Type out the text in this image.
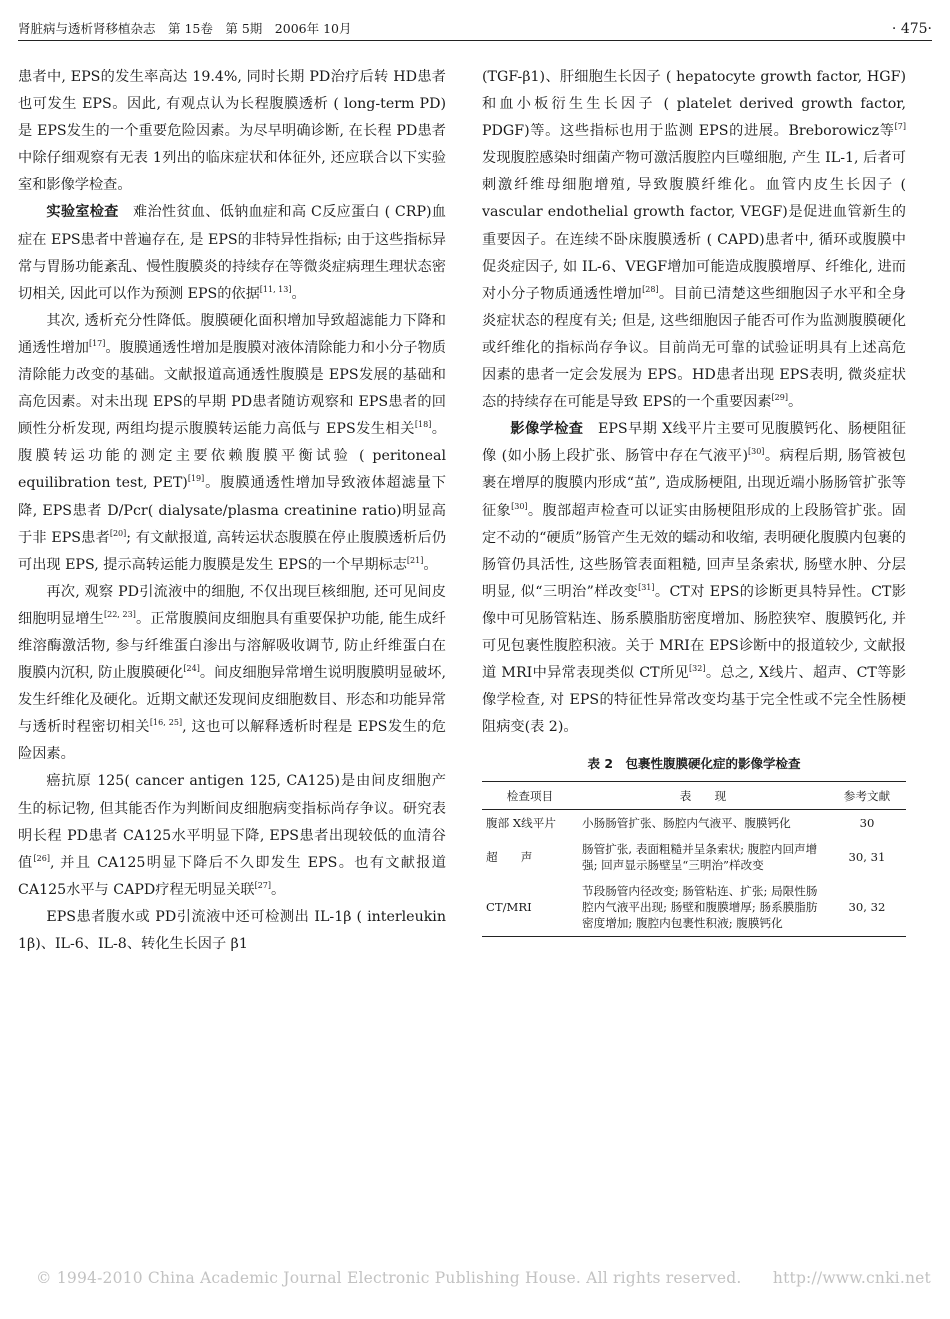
肾脏病与透析肾移植杂志　第 15卷　第 5期　2006年 10月	· 475·

患者中, EPS的发生率高达 19.4%, 同时长期 PD治疗后转 HD患者也可发生 EPS。因此, 有观点认为长程腹膜透析 ( long-term PD)是 EPS发生的一个重要危险因素。为尽早明确诊断, 在长程 PD患者中除仔细观察有无表 1列出的临床症状和体征外, 还应联合以下实验室和影像学检查。

实验室检查　难治性贫血、低钠血症和高 C反应蛋白 ( CRP)血症在 EPS患者中普遍存在, 是 EPS的非特异性指标; 由于这些指标异常与胃肠功能紊乱、慢性腹膜炎的持续存在等微炎症病理生理状态密切相关, 因此可以作为预测 EPS的依据[11, 13]。

其次, 透析充分性降低。腹膜硬化面积增加导致超滤能力下降和通透性增加[17]。腹膜通透性增加是腹膜对液体清除能力和小分子物质清除能力改变的基础。文献报道高通透性腹膜是 EPS发展的基础和高危因素。对未出现 EPS的早期 PD患者随访观察和 EPS患者的回顾性分析发现, 两组均提示腹膜转运能力高低与 EPS发生相关[18]。腹膜转运功能的测定主要依赖腹膜平衡试验 ( peritoneal equilibration test, PET)[19]。腹膜通透性增加导致液体超滤量下降, EPS患者 D/Pcr( dialysate/plasma creatinine ratio)明显高于非 EPS患者[20]; 有文献报道, 高转运状态腹膜在停止腹膜透析后仍可出现 EPS, 提示高转运能力腹膜是发生 EPS的一个早期标志[21]。

再次, 观察 PD引流液中的细胞, 不仅出现巨核细胞, 还可见间皮细胞明显增生[22, 23]。正常腹膜间皮细胞具有重要保护功能, 能生成纤维溶酶激活物, 参与纤维蛋白渗出与溶解吸收调节, 防止纤维蛋白在腹膜内沉积, 防止腹膜硬化[24]。间皮细胞异常增生说明腹膜明显破坏, 发生纤维化及硬化。近期文献还发现间皮细胞数目、形态和功能异常与透析时程密切相关[16, 25], 这也可以解释透析时程是 EPS发生的危险因素。

癌抗原 125( cancer antigen 125, CA125)是由间皮细胞产生的标记物, 但其能否作为判断间皮细胞病变指标尚存争议。研究表明长程 PD患者 CA125水平明显下降, EPS患者出现较低的血清谷值[26], 并且 CA125明显下降后不久即发生 EPS。也有文献报道 CA125水平与 CAPD疗程无明显关联[27]。

EPS患者腹水或 PD引流液中还可检测出 IL-1β ( interleukin 1β)、IL-6、IL-8、转化生长因子 β1

(TGF-β1)、肝细胞生长因子 ( hepatocyte growth factor, HGF)和血小板衍生生长因子 ( platelet derived growth factor, PDGF)等。这些指标也用于监测 EPS的进展。Breborowicz等[7]发现腹腔感染时细菌产物可激活腹腔内巨噬细胞, 产生 IL-1, 后者可刺激纤维母细胞增殖, 导致腹膜纤维化。血管内皮生长因子 ( vascular endothelial growth factor, VEGF)是促进血管新生的重要因子。在连续不卧床腹膜透析 ( CAPD)患者中, 循环或腹膜中促炎症因子, 如 IL-6、VEGF增加可能造成腹膜增厚、纤维化, 进而对小分子物质通透性增加[28]。目前已清楚这些细胞因子水平和全身炎症状态的程度有关; 但是, 这些细胞因子能否可作为监测腹膜硬化或纤维化的指标尚存争议。目前尚无可靠的试验证明具有上述高危因素的患者一定会发展为 EPS。HD患者出现 EPS表明, 微炎症状态的持续存在可能是导致 EPS的一个重要因素[29]。

影像学检查　EPS早期 X线平片主要可见腹膜钙化、肠梗阻征像 (如小肠上段扩张、肠管中存在气液平)[30]。病程后期, 肠管被包裹在增厚的腹膜内形成“茧”, 造成肠梗阻, 出现近端小肠肠管扩张等征象[30]。腹部超声检查可以证实由肠梗阻形成的上段肠管扩张。固定不动的“硬质”肠管产生无效的蠕动和收缩, 表明硬化腹膜内包裹的肠管仍具活性, 这些肠管表面粗糙, 回声呈条索状, 肠壁水肿、分层明显, 似“三明治”样改变[31]。CT对 EPS的诊断更具特异性。CT影像中可见肠管粘连、肠系膜脂肪密度增加、肠腔狭窄、腹膜钙化, 并可见包裹性腹腔积液。关于 MRI在 EPS诊断中的报道较少, 文献报道 MRI中异常表现类似 CT所见[32]。总之, X线片、超声、CT等影像学检查, 对 EPS的特征性异常改变均基于完全性或不完全性肠梗阻病变(表 2)。

表 2　包裹性腹膜硬化症的影像学检查
检查项目	表　　现	参考文献
腹部 X线平片	小肠肠管扩张、肠腔内气液平、腹膜钙化	30
超　　声	肠管扩张, 表面粗糙并呈条索状; 腹腔内回声增强; 回声显示肠壁呈“三明治”样改变	30, 31
CT/MRI	节段肠管内径改变; 肠管粘连、扩张; 局限性肠腔内气液平出现; 肠壁和腹膜增厚; 肠系膜脂肪密度增加; 腹腔内包裹性积液; 腹膜钙化	30, 32
© 1994-2010 China Academic Journal Electronic Publishing House. All rights reserved.　　http://www.cnki.net
